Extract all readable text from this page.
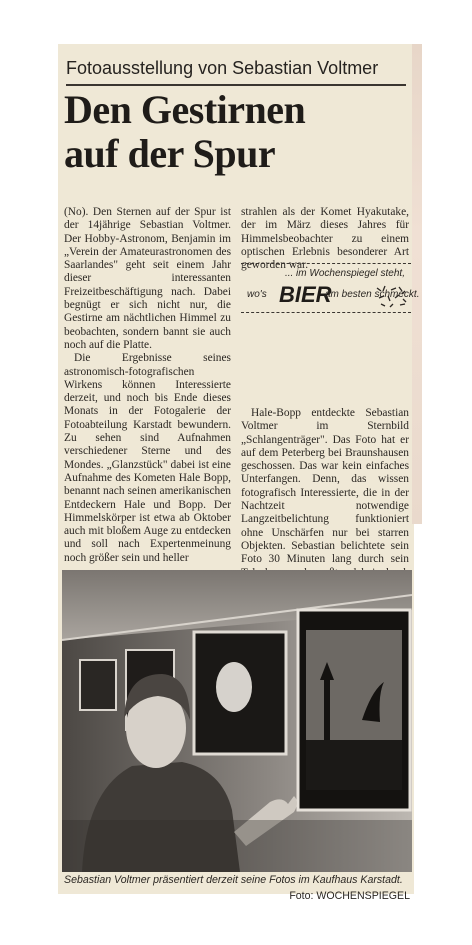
Fotoausstellung von Sebastian Voltmer
Den Gestirnen
auf der Spur

(No). Den Sternen auf der Spur ist der 14jährige Sebastian Voltmer. Der Hobby-Astronom, Benjamin im „Verein der Amateurastronomen des Saarlandes" geht seit einem Jahr dieser interessanten Freizeitbeschäftigung nach. Dabei begnügt er sich nicht nur, die Gestirne am nächtlichen Himmel zu beobachten, sondern bannt sie auch noch auf die Platte.

Die Ergebnisse seines astronomisch-fotografischen Wirkens können Interessierte derzeit, und noch bis Ende dieses Monats in der Fotogalerie der Fotoabteilung Karstadt bewundern. Zu sehen sind Aufnahmen verschiedener Sterne und des Mondes. „Glanzstück" dabei ist eine Aufnahme des Kometen Hale Bopp, benannt nach seinen amerikanischen Entdeckern Hale und Bopp. Der Himmelskörper ist etwa ab Oktober auch mit bloßem Auge zu entdecken und soll nach Expertenmeinung noch größer sein und heller

strahlen als der Komet Hyakutake, der im März dieses Jahres für Himmelsbeobachter zu einem optischen Erlebnis besonderer Art geworden war.

... im Wochenspiegel steht,
wo's BIER
am besten schmeckt.

Hale-Bopp entdeckte Sebastian Voltmer im Sternbild „Schlangenträger". Das Foto hat er auf dem Peterberg bei Braunshausen geschossen. Das war kein einfaches Unterfangen. Denn, das wissen fotografisch Interessierte, die in der Nachtzeit notwendige Langzeitbelichtung funktioniert ohne Unschärfen nur bei starren Objekten. Sebastian belichtete sein Foto 30 Minuten lang durch sein

Sebastian Voltmer präsentiert derzeit seine Fotos im Kaufhaus Karstadt.
Foto: WOCHENSPIEGEL
